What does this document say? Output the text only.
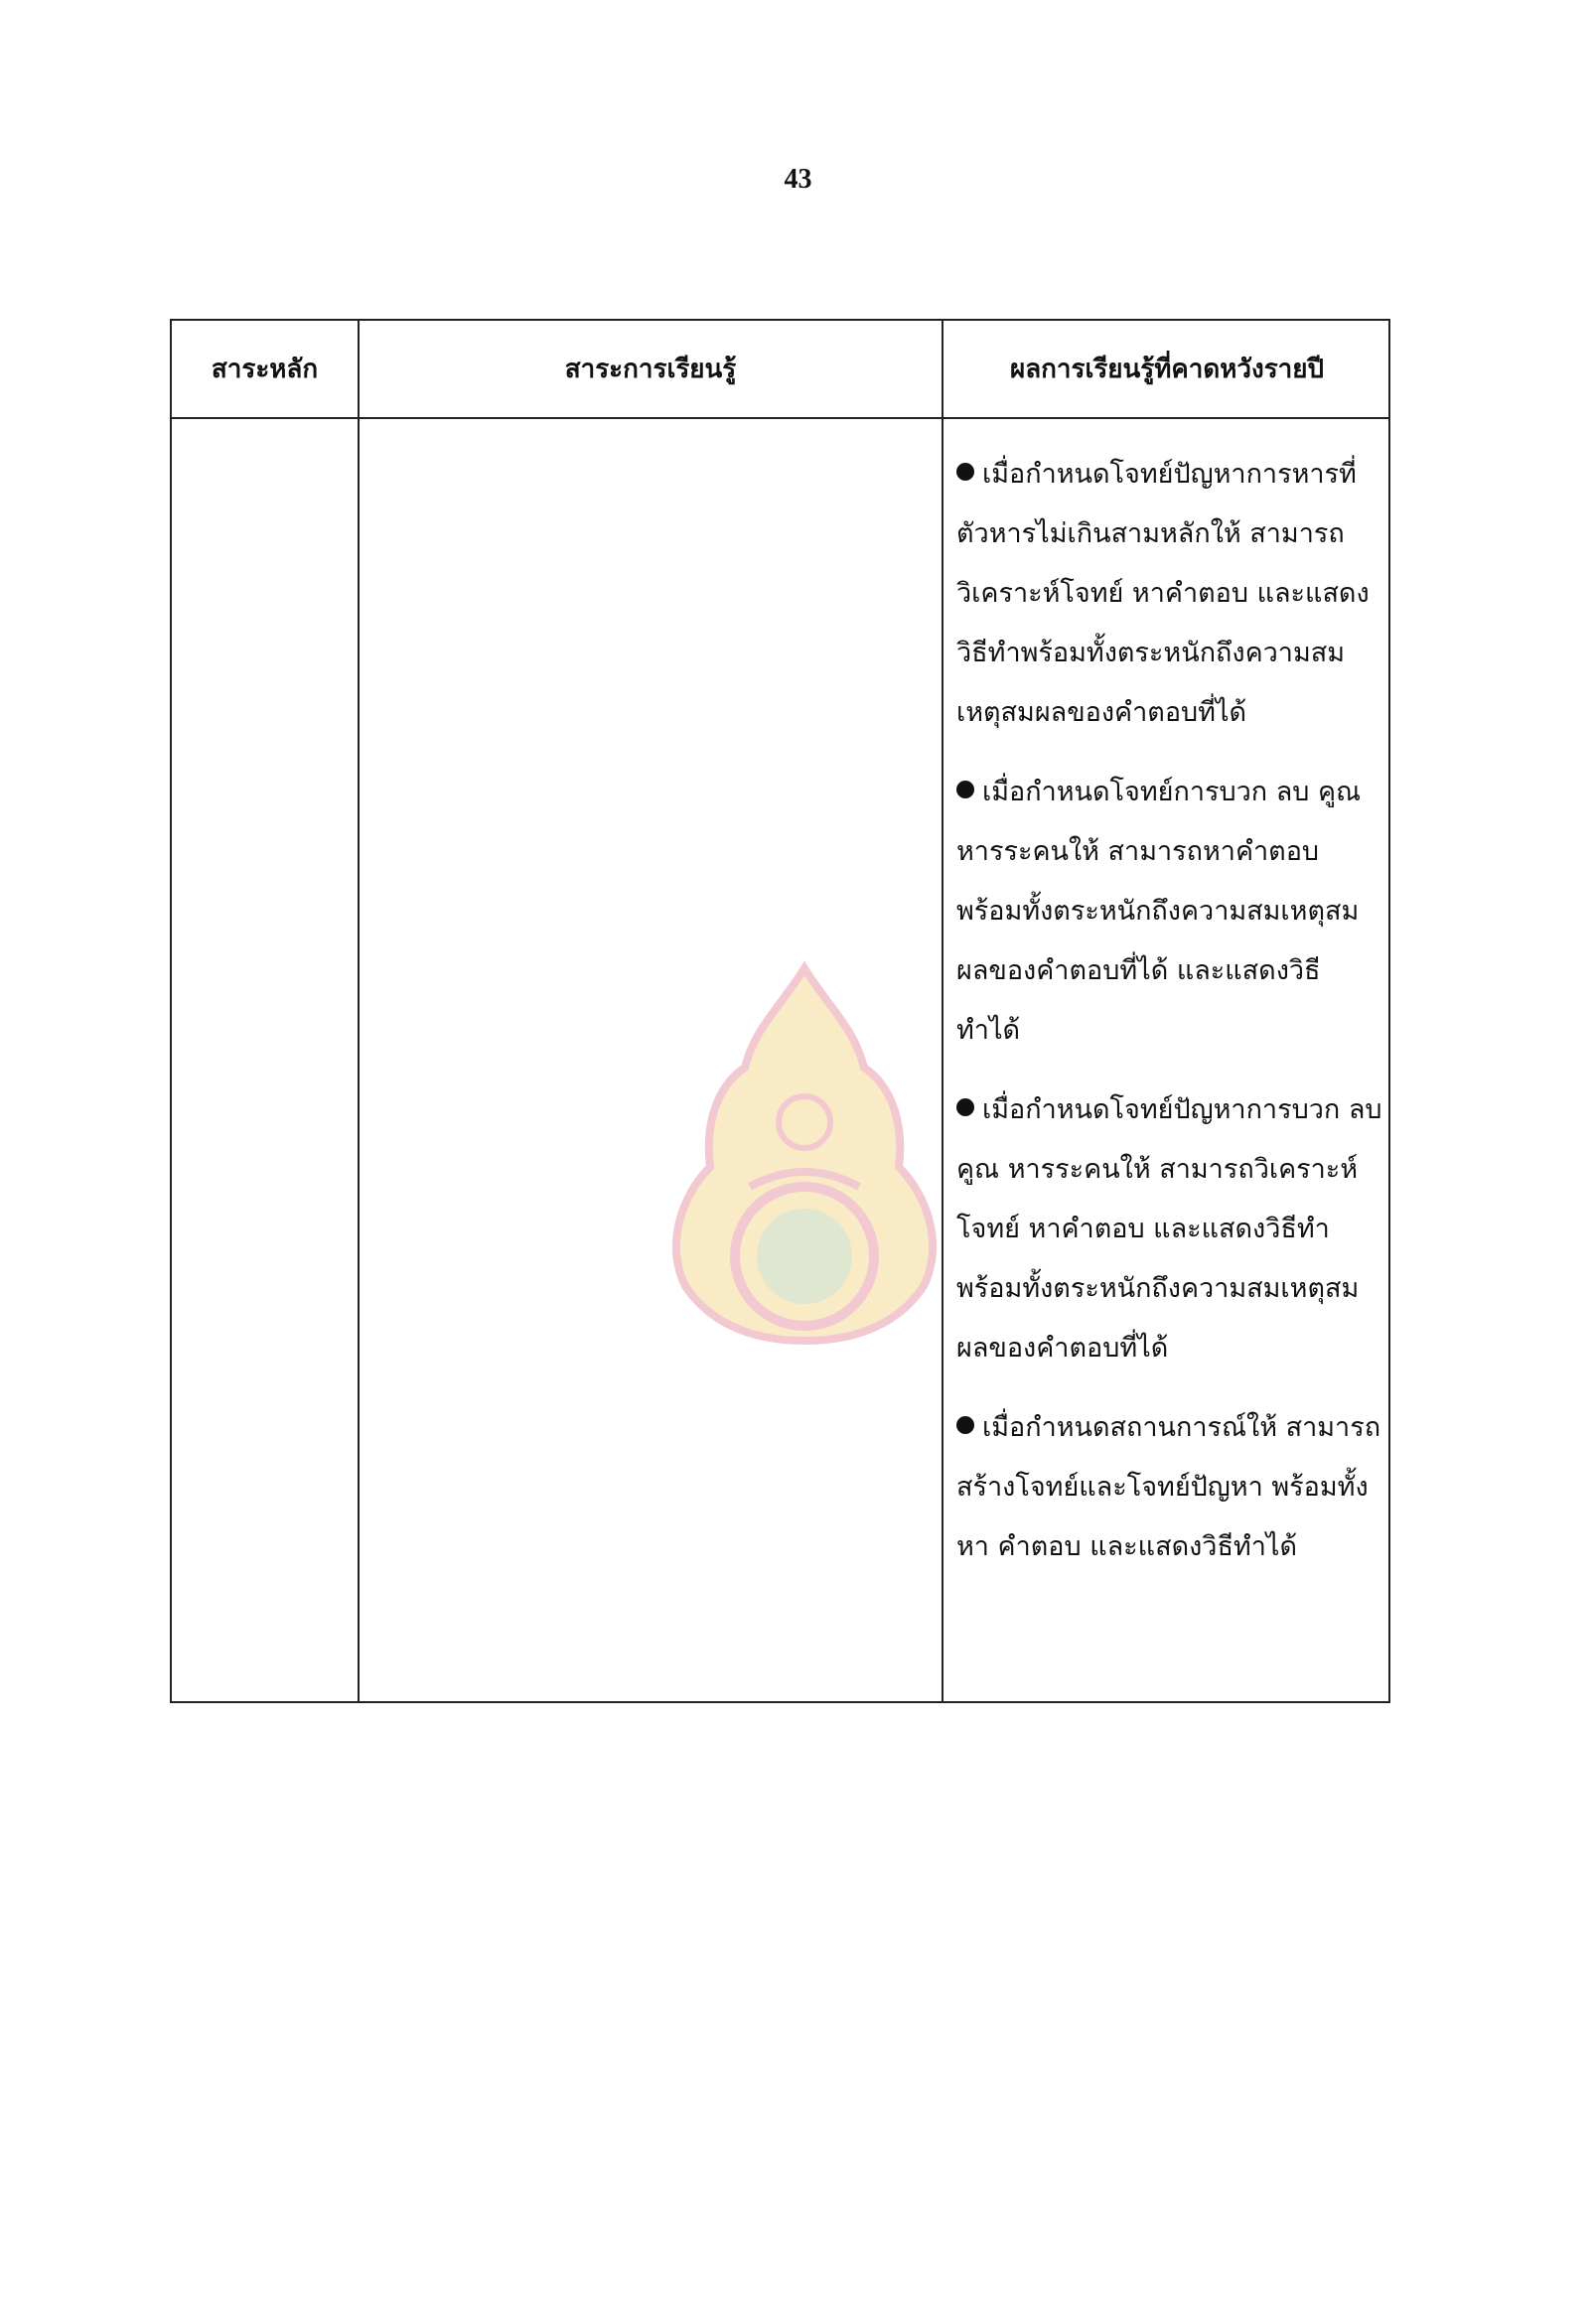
43
สาระหลัก	สาระการเรียนรู้	ผลการเรียนรู้ที่คาดหวังรายปี
เมื่อกำหนดโจทย์ปัญหาการหารที่ตัวหารไม่เกินสามหลักให้ สามารถวิเคราะห์โจทย์ หาคำตอบ และแสดงวิธีทำพร้อมทั้งตระหนักถึงความสมเหตุสมผลของคำตอบที่ได้
เมื่อกำหนดโจทย์การบวก ลบ คูณ หารระคนให้ สามารถหาคำตอบพร้อมทั้งตระหนักถึงความสมเหตุสมผลของคำตอบที่ได้ และแสดงวิธีทำได้
เมื่อกำหนดโจทย์ปัญหาการบวก ลบ คูณ หารระคนให้ สามารถวิเคราะห์โจทย์ หาคำตอบ และแสดงวิธีทำ พร้อมทั้งตระหนักถึงความสมเหตุสมผลของคำตอบที่ได้
เมื่อกำหนดสถานการณ์ให้ สามารถสร้างโจทย์และโจทย์ปัญหา พร้อมทั้งหา คำตอบ และแสดงวิธีทำได้
